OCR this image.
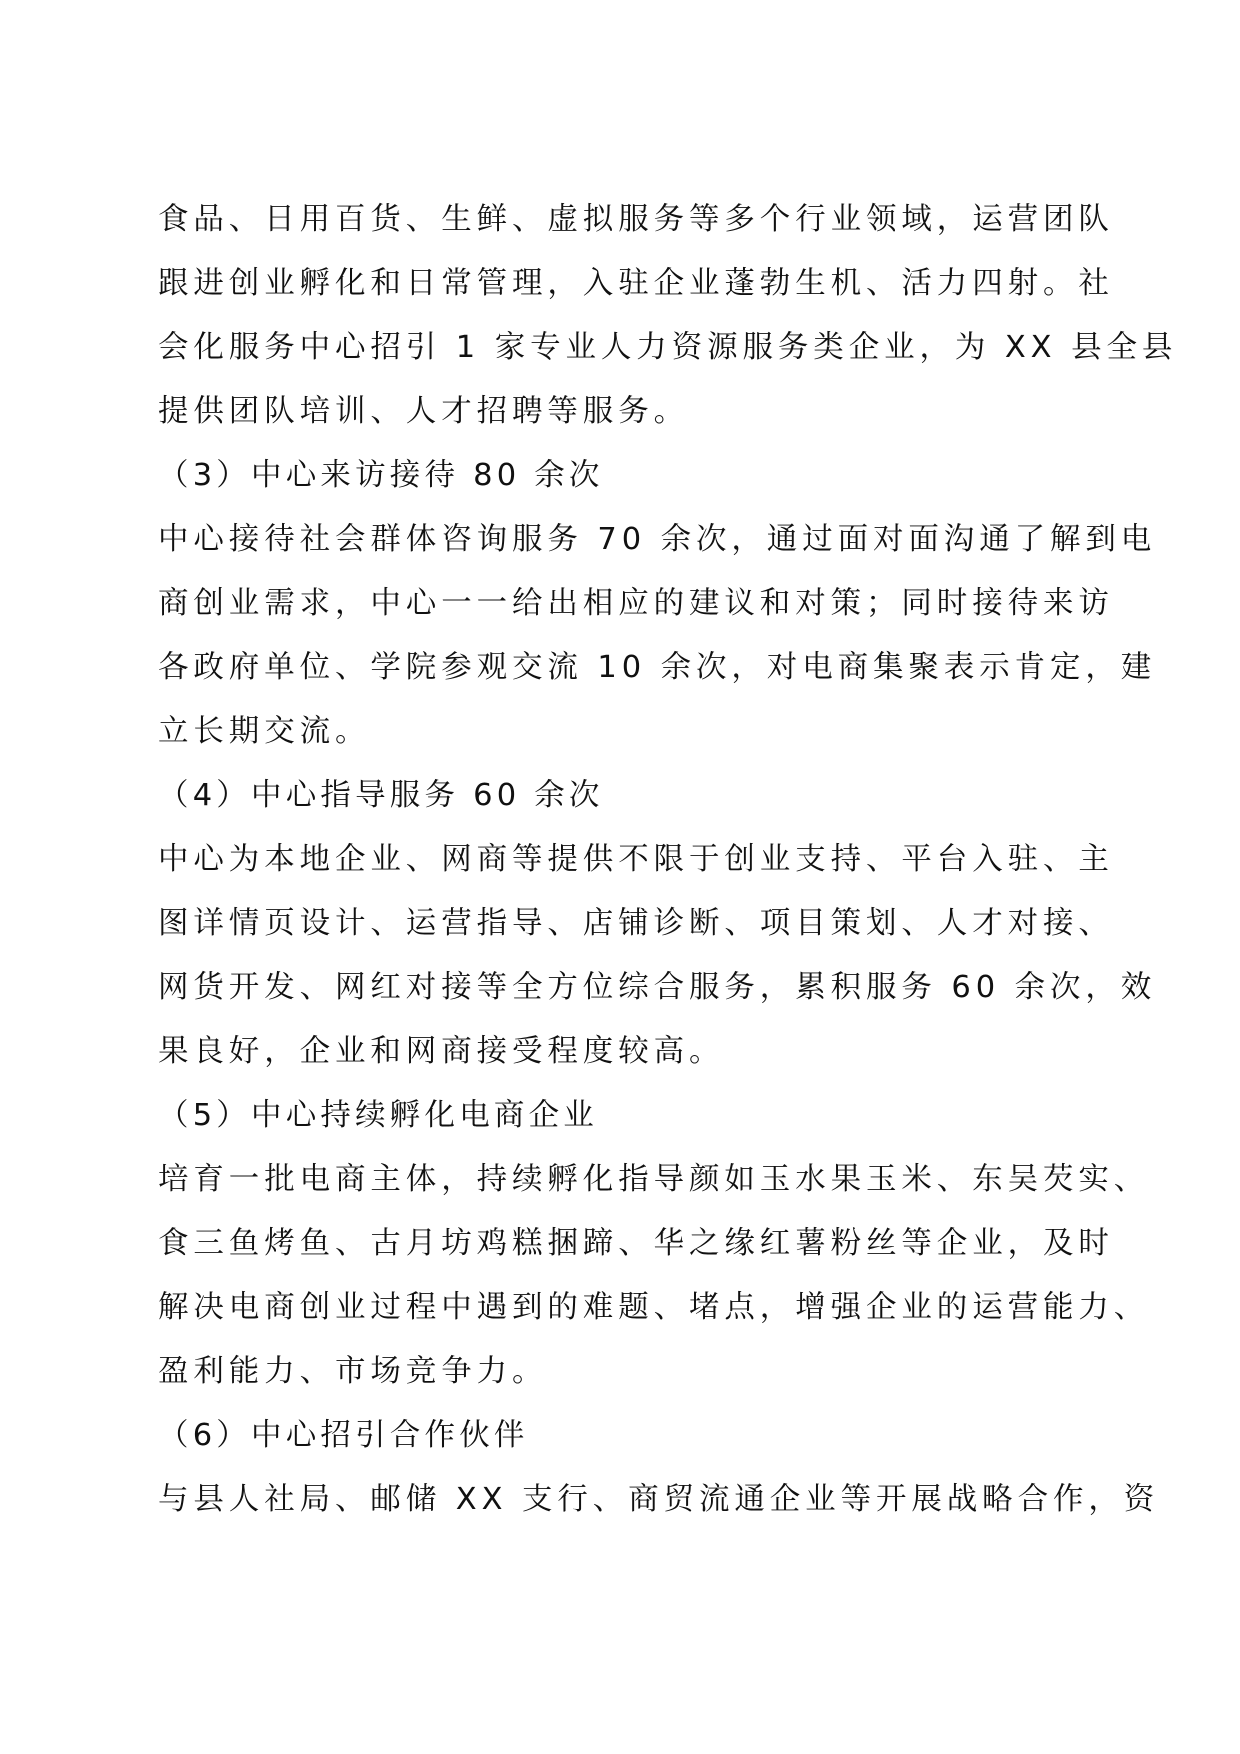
食品、日用百货、生鲜、虚拟服务等多个行业领域，运营团队
跟进创业孵化和日常管理，入驻企业蓬勃生机、活力四射。社
会化服务中心招引 1 家专业人力资源服务类企业，为 XX 县全县
提供团队培训、人才招聘等服务。
（3）中心来访接待 80 余次
中心接待社会群体咨询服务 70 余次，通过面对面沟通了解到电
商创业需求，中心一一给出相应的建议和对策；同时接待来访
各政府单位、学院参观交流 10 余次，对电商集聚表示肯定，建
立长期交流。
（4）中心指导服务 60 余次
中心为本地企业、网商等提供不限于创业支持、平台入驻、主
图详情页设计、运营指导、店铺诊断、项目策划、人才对接、
网货开发、网红对接等全方位综合服务，累积服务 60 余次，效
果良好，企业和网商接受程度较高。
（5）中心持续孵化电商企业
培育一批电商主体，持续孵化指导颜如玉水果玉米、东吴芡实、
食三鱼烤鱼、古月坊鸡糕捆蹄、华之缘红薯粉丝等企业，及时
解决电商创业过程中遇到的难题、堵点，增强企业的运营能力、
盈利能力、市场竞争力。
（6）中心招引合作伙伴
与县人社局、邮储 XX 支行、商贸流通企业等开展战略合作，资
